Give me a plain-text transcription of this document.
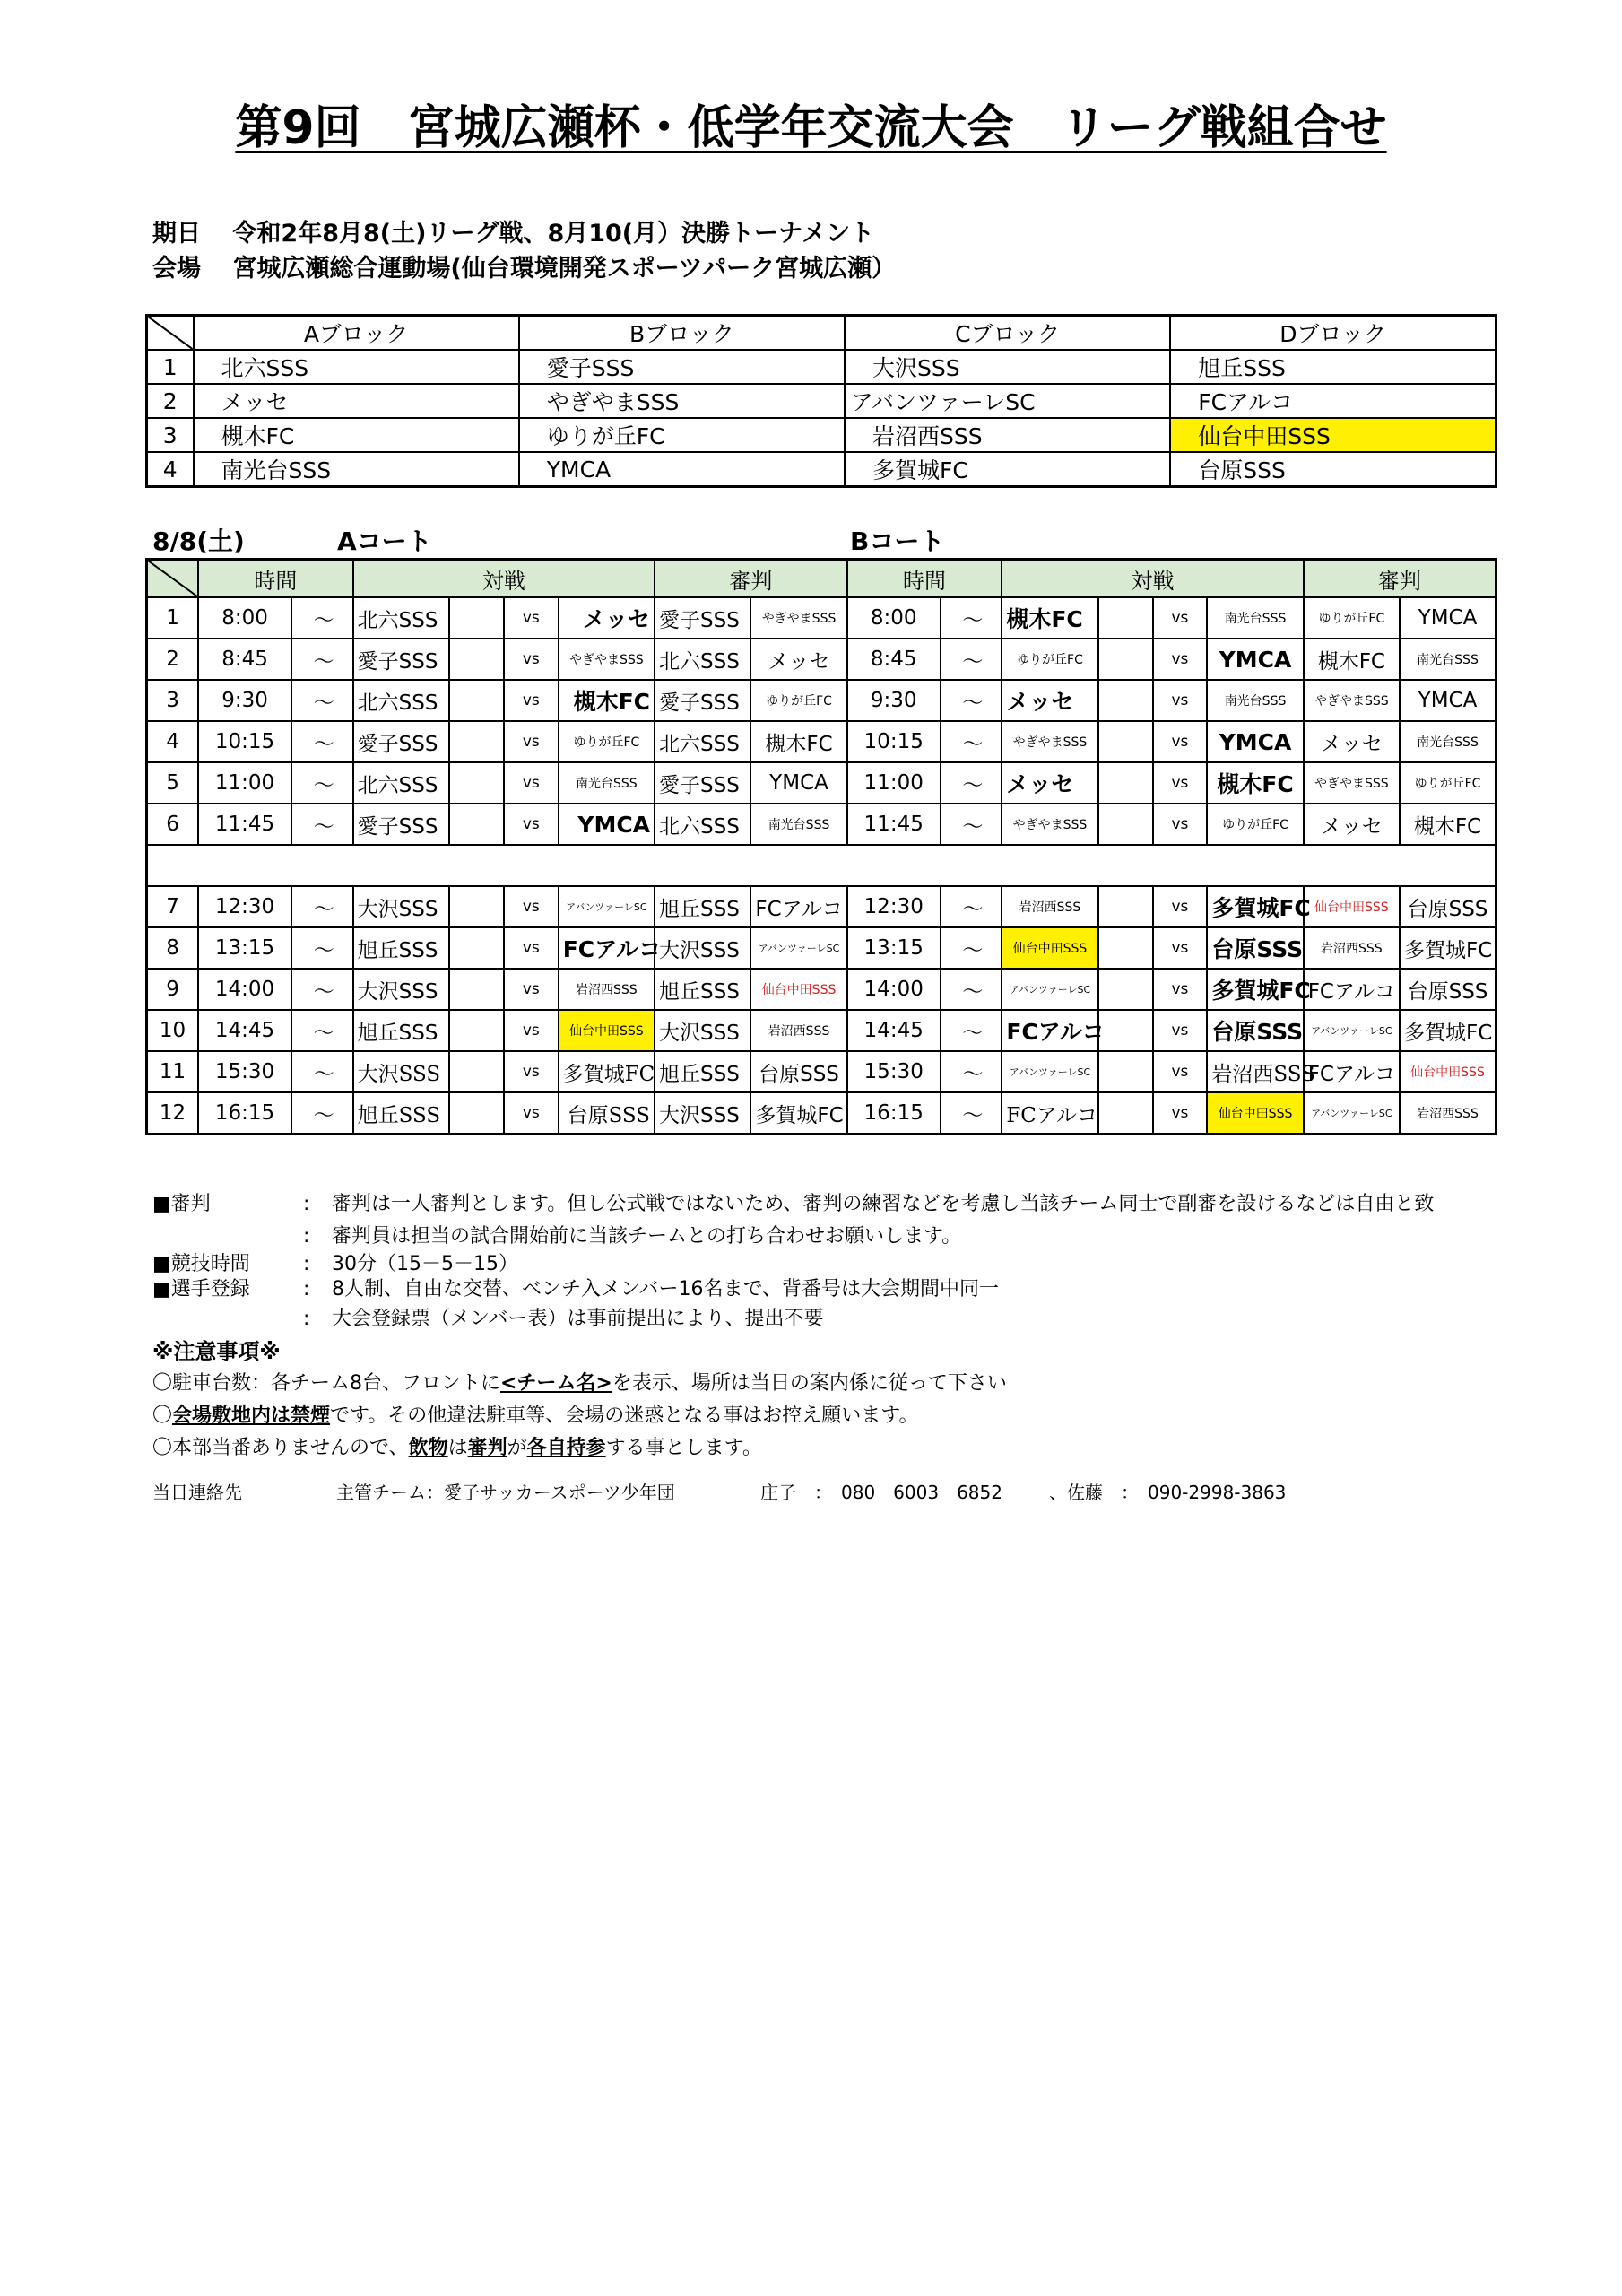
第9回　宮城広瀬杯・低学年交流大会　リーグ戦組合せ
期日 令和2年8月8(土)リーグ戦、8月10(月）決勝トーナメント
会場 宮城広瀬総合運動場(仙台環境開発スポーツパーク宮城広瀬）
	Aブロック	Bブロック	Cブロック	Dブロック
1	北六SSS	愛子SSS	大沢SSS	旭丘SSS
2	メッセ	やぎやまSSS	アバンツァーレSC	FCアルコ
3	槻木FC	ゆりが丘FC	岩沼西SSS	仙台中田SSS
4	南光台SSS	YMCA	多賀城FC	台原SSS
8/8(土)	Aコート	Bコート
	時間		対戦				審判		時間		対戦				審判	
1	8:00	～	北六SSS		vs	メッセ	愛子SSS	やぎやまSSS	8:00	～	槻木FC		vs	南光台SSS	ゆりが丘FC	YMCA
2	8:45	～	愛子SSS		vs	やぎやまSSS	北六SSS	メッセ	8:45	～	ゆりが丘FC		vs	YMCA	槻木FC	南光台SSS
3	9:30	～	北六SSS		vs	槻木FC	愛子SSS	ゆりが丘FC	9:30	～	メッセ		vs	南光台SSS	やぎやまSSS	YMCA
4	10:15	～	愛子SSS		vs	ゆりが丘FC	北六SSS	槻木FC	10:15	～	やぎやまSSS		vs	YMCA	メッセ	南光台SSS
5	11:00	～	北六SSS		vs	南光台SSS	愛子SSS	YMCA	11:00	～	メッセ		vs	槻木FC	やぎやまSSS	ゆりが丘FC
6	11:45	～	愛子SSS		vs	YMCA	北六SSS	南光台SSS	11:45	～	やぎやまSSS		vs	ゆりが丘FC	メッセ	槻木FC

7	12:30	～	大沢SSS		vs	アバンツァーレSC	旭丘SSS	FCアルコ	12:30	～	岩沼西SSS		vs	多賀城FC	仙台中田SSS	台原SSS
8	13:15	～	旭丘SSS		vs	FCアルコ	大沢SSS	アバンツァーレSC	13:15	～	仙台中田SSS		vs	台原SSS	岩沼西SSS	多賀城FC
9	14:00	～	大沢SSS		vs	岩沼西SSS	旭丘SSS	仙台中田SSS	14:00	～	アバンツァーレSC		vs	多賀城FC	FCアルコ	台原SSS
10	14:45	～	旭丘SSS		vs	仙台中田SSS	大沢SSS	岩沼西SSS	14:45	～	FCアルコ		vs	台原SSS	アバンツァーレSC	多賀城FC
11	15:30	～	大沢SSS		vs	多賀城FC	旭丘SSS	台原SSS	15:30	～	アバンツァーレSC		vs	岩沼西SSS	FCアルコ	仙台中田SSS
12	16:15	～	旭丘SSS		vs	台原SSS	大沢SSS	多賀城FC	16:15	～	FCアルコ		vs	仙台中田SSS	アバンツァーレSC	岩沼西SSS
■審判	: 審判は一人審判とします。但し公式戦ではないため、審判の練習などを考慮し当該チーム同士で副審を設けるなどは自由と致
: 審判員は担当の試合開始前に当該チームとの打ち合わせお願いします。
■競技時間	: 30分（15－5－15）
■選手登録	: 8人制、自由な交替、ベンチ入メンバー16名まで、背番号は大会期間中同一
: 大会登録票（メンバー表）は事前提出により、提出不要
※注意事項※
〇駐車台数：各チーム8台、フロントに<チーム名>を表示、場所は当日の案内係に従って下さい
〇会場敷地内は禁煙です。その他違法駐車等、会場の迷惑となる事はお控え願います。
〇本部当番ありませんので、飲物は審判が各自持参する事とします。
当日連絡先	主管チーム：愛子サッカースポーツ少年団	庄子　：　080－6003－6852	、佐藤　：　090-2998-3863
